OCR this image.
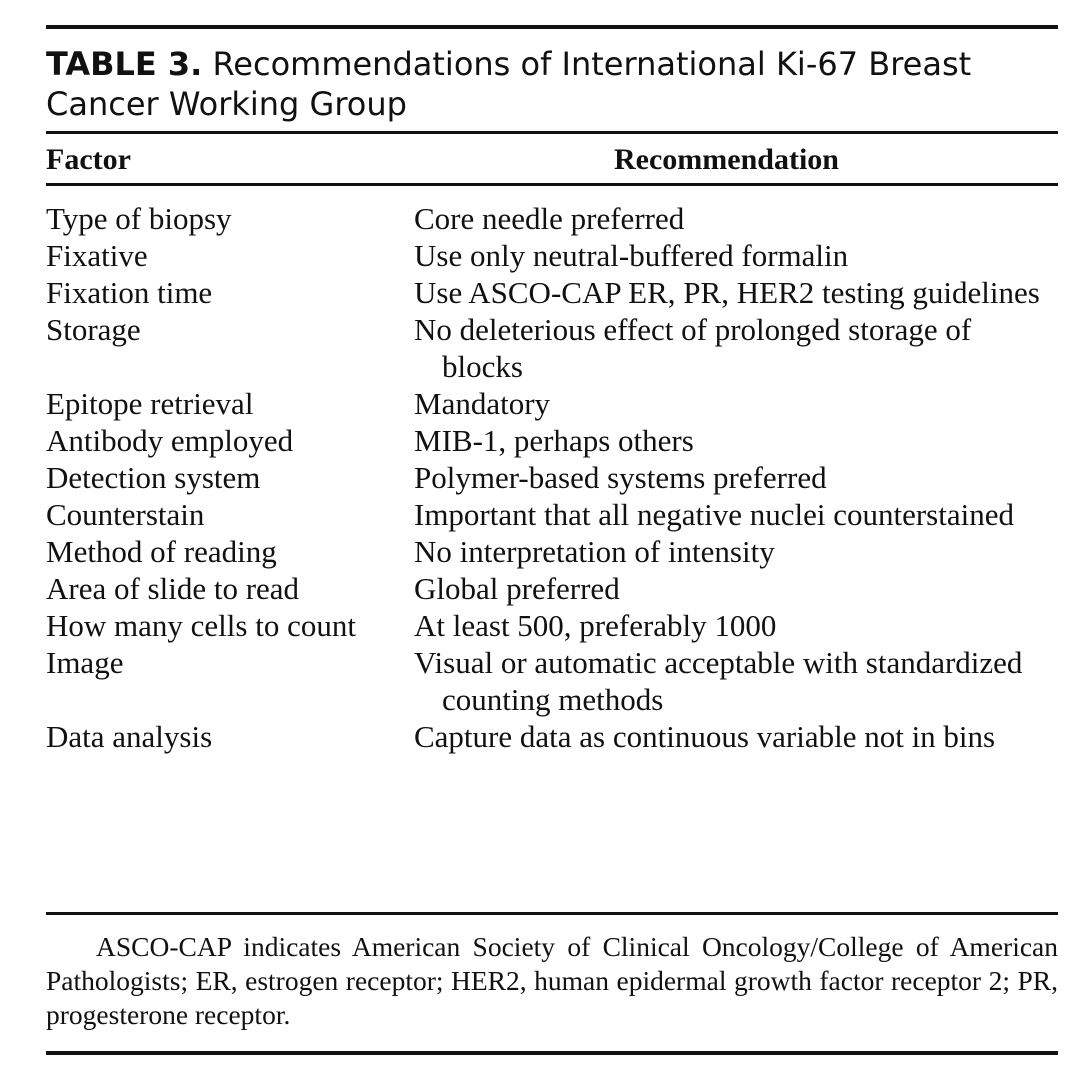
TABLE 3. Recommendations of International Ki-67 Breast Cancer Working Group
Factor	Recommendation
Type of biopsy	Core needle preferred
Fixative	Use only neutral-buffered formalin
Fixation time	Use ASCO-CAP ER, PR, HER2 testing guidelines
Storage	No deleterious effect of prolonged storage of blocks
Epitope retrieval	Mandatory
Antibody employed	MIB-1, perhaps others
Detection system	Polymer-based systems preferred
Counterstain	Important that all negative nuclei counterstained
Method of reading	No interpretation of intensity
Area of slide to read	Global preferred
How many cells to count	At least 500, preferably 1000
Image	Visual or automatic acceptable with standardized counting methods
Data analysis	Capture data as continuous variable not in bins

ASCO-CAP indicates American Society of Clinical Oncology/College of American Pathologists; ER, estrogen receptor; HER2, human epidermal growth factor receptor 2; PR, progesterone receptor.
